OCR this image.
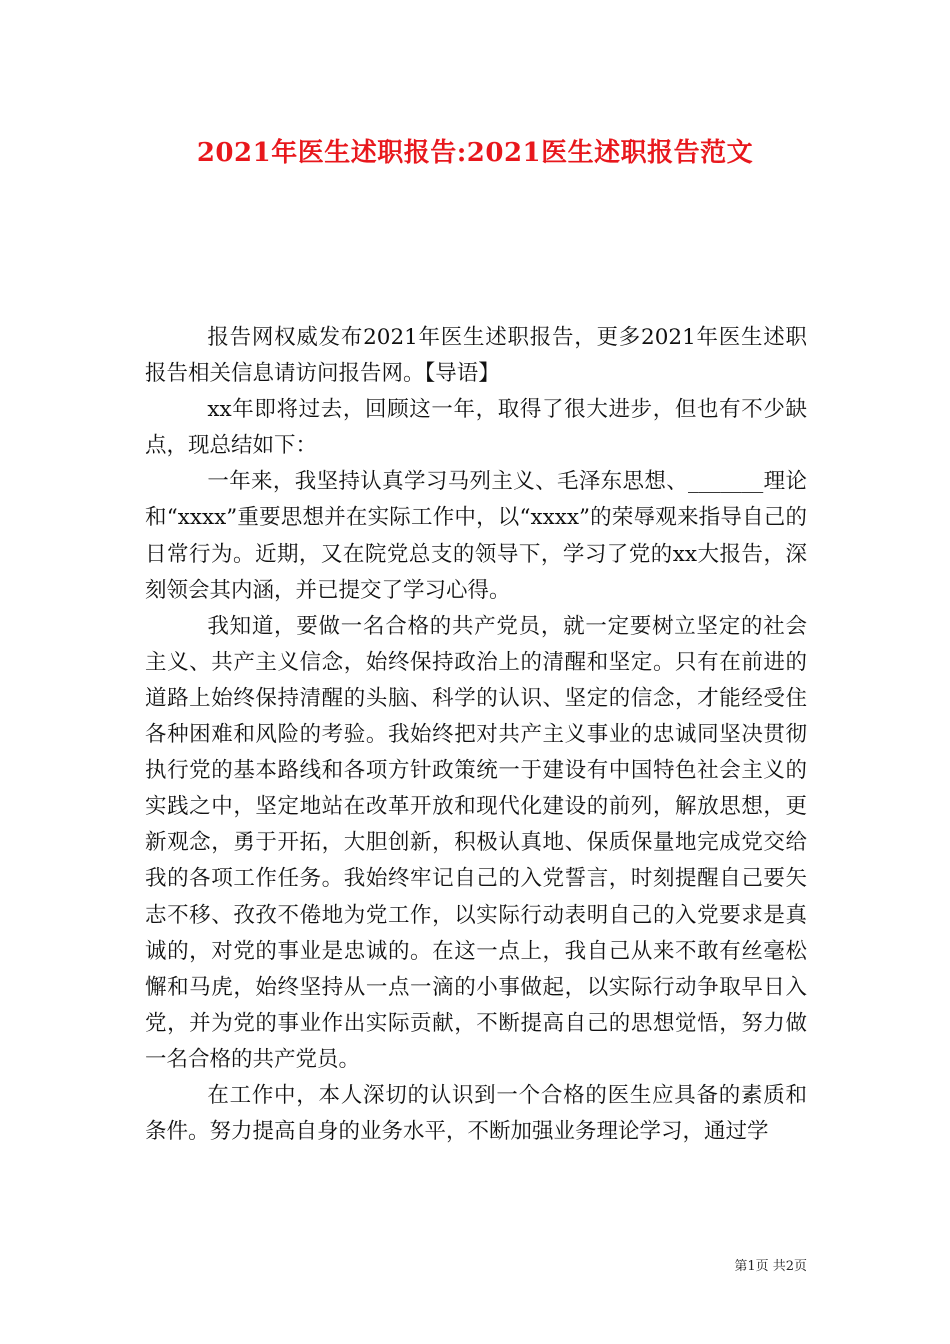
2021年医生述职报告:2021医生述职报告范文

报告网权威发布2021年医生述职报告，更多2021年医生述职报告相关信息请访问报告网。【导语】

xx年即将过去，回顾这一年，取得了很大进步，但也有不少缺点，现总结如下：

一年来，我坚持认真学习马列主义、毛泽东思想、_______理论和“xxxx”重要思想并在实际工作中，以“xxxx”的荣辱观来指导自己的日常行为。近期，又在院党总支的领导下，学习了党的xx大报告，深刻领会其内涵，并已提交了学习心得。

我知道，要做一名合格的共产党员，就一定要树立坚定的社会主义、共产主义信念，始终保持政治上的清醒和坚定。只有在前进的道路上始终保持清醒的头脑、科学的认识、坚定的信念，才能经受住各种困难和风险的考验。我始终把对共产主义事业的忠诚同坚决贯彻执行党的基本路线和各项方针政策统一于建设有中国特色社会主义的实践之中，坚定地站在改革开放和现代化建设的前列，解放思想，更新观念，勇于开拓，大胆创新，积极认真地、保质保量地完成党交给我的各项工作任务。我始终牢记自己的入党誓言，时刻提醒自己要矢志不移、孜孜不倦地为党工作，以实际行动表明自己的入党要求是真诚的，对党的事业是忠诚的。在这一点上，我自己从来不敢有丝毫松懈和马虎，始终坚持从一点一滴的小事做起，以实际行动争取早日入党，并为党的事业作出实际贡献，不断提高自己的思想觉悟，努力做一名合格的共产党员。

在工作中，本人深切的认识到一个合格的医生应具备的素质和条件。努力提高自身的业务水平，不断加强业务理论学习，通过学

第1页 共2页
